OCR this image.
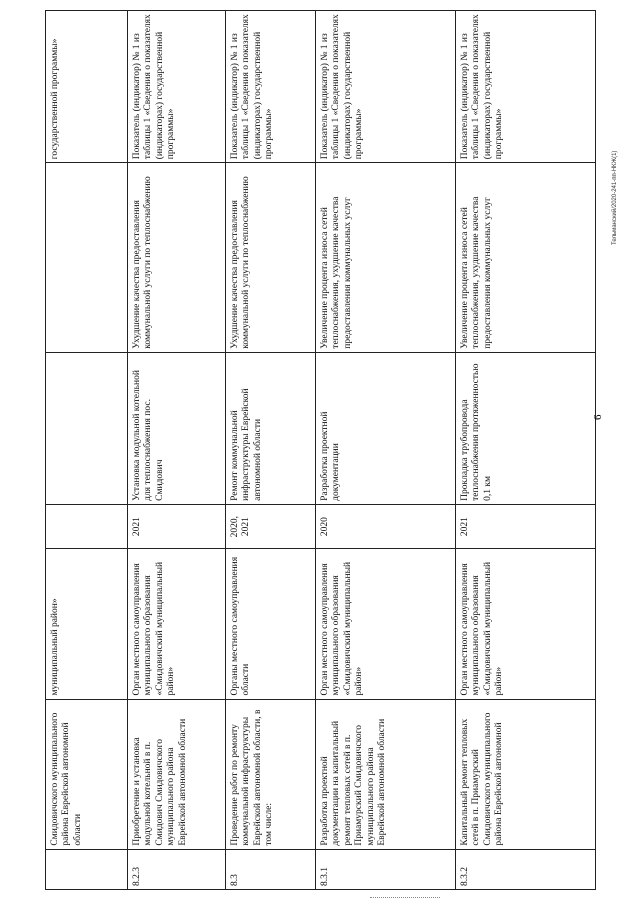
	Смидовичского муниципального района Еврейской автономной области	муниципальный район»				государственной программы»
8.2.3	Приобретение и установка модульной котельной в п. Смидович Смидовичского муниципального района Еврейской автономной области	Орган местного самоуправления муниципального образования «Смидовичский муниципальный район»	2021	Установка модульной котельной для теплоснабжения пос. Смидович	Ухудшение качества предоставления коммунальной услуги по теплоснабжению	Показатель (индикатор) № 1 из таблицы 1 «Сведения о показателях (индикаторах) государственной программы»
8.3	Проведение работ по ремонту коммунальной инфраструктуры Еврейской автономной области, в том числе:	Органы местного самоуправления области	2020, 2021	Ремонт коммунальной инфраструктуры Еврейской автономной области	Ухудшение качества предоставления коммунальной услуги по теплоснабжению	Показатель (индикатор) № 1 из таблицы 1 «Сведения о показателях (индикаторах) государственной программы»
8.3.1	Разработка проектной документации на капитальный ремонт тепловых сетей в п. Приамурский Смидовичского муниципального района Еврейской автономной области	Орган местного самоуправления муниципального образования «Смидовичский муниципальный район»	2020	Разработка проектной документации	Увеличение процента износа сетей теплоснабжения, ухудшение качества предоставления коммунальных услуг	Показатель (индикатор) № 1 из таблицы 1 «Сведения о показателях (индикаторах) государственной программы»
8.3.2	Капитальный ремонт тепловых сетей в п. Приамурский Смидовичского муниципального района Еврейской автономной	Орган местного самоуправления муниципального образования «Смидовичский муниципальный район»	2021	Прокладка трубопровода теплоснабжения протяженностью 0,1 км	Увеличение процента износа сетей теплоснабжения, ухудшение качества предоставления коммунальных услуг	Показатель (индикатор) № 1 из таблицы 1 «Сведения о показателях (индикаторах) государственной программы»
6
Тельманский/2020-241-пп-НКЖ(1)
